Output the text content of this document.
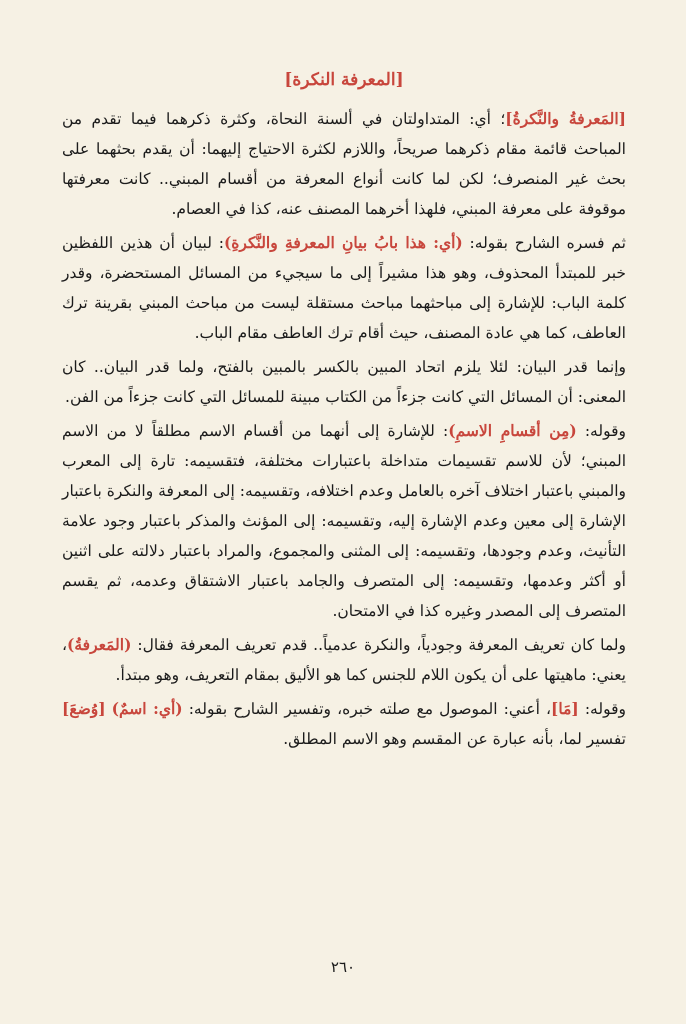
[المعرفة النكرة]

[المَعرفةُ والنَّكرةُ]؛ أي: المتداولتان في ألسنة النحاة، وكثرة ذكرهما فيما تقدم من المباحث قائمة مقام ذكرهما صريحاً، واللازم لكثرة الاحتياج إليهما: أن يقدم بحثهما على بحث غير المنصرف؛ لكن لما كانت أنواع المعرفة من أقسام المبني.. كانت معرفتها موقوفة على معرفة المبني، فلهذا أخرهما المصنف عنه، كذا في العصام.

ثم فسره الشارح بقوله: (أي: هذا بابُ بيانِ المعرفةِ والنَّكرةِ): لبيان أن هذين اللفظين خبر للمبتدأ المحذوف، وهو هذا مشيراً إلى ما سيجيء من المسائل المستحضرة، وقدر كلمة الباب: للإشارة إلى مباحثهما مباحث مستقلة ليست من مباحث المبني بقرينة ترك العاطف، كما هي عادة المصنف، حيث أقام ترك العاطف مقام الباب.

وإنما قدر البيان: لئلا يلزم اتحاد المبين بالكسر بالمبين بالفتح، ولما قدر البيان.. كان المعنى: أن المسائل التي كانت جزءاً من الكتاب مبينة للمسائل التي كانت جزءاً من الفن.

وقوله: (مِن أقسامِ الاسمِ): للإشارة إلى أنهما من أقسام الاسم مطلقاً لا من الاسم المبني؛ لأن للاسم تقسيمات متداخلة باعتبارات مختلفة، فتقسيمه: تارة إلى المعرب والمبني باعتبار اختلاف آخره بالعامل وعدم اختلافه، وتقسيمه: إلى المعرفة والنكرة باعتبار الإشارة إلى معين وعدم الإشارة إليه، وتقسيمه: إلى المؤنث والمذكر باعتبار وجود علامة التأنيث، وعدم وجودها، وتقسيمه: إلى المثنى والمجموع، والمراد باعتبار دلالته على اثنين أو أكثر وعدمها، وتقسيمه: إلى المتصرف والجامد باعتبار الاشتقاق وعدمه، ثم يقسم المتصرف إلى المصدر وغيره كذا في الامتحان.

ولما كان تعريف المعرفة وجودياً، والنكرة عدمياً.. قدم تعريف المعرفة فقال: (المَعرفةُ)، يعني: ماهيتها على أن يكون اللام للجنس كما هو الأليق بمقام التعريف، وهو مبتدأ.

وقوله: [مَا]، أعني: الموصول مع صلته خبره، وتفسير الشارح بقوله: (أي: اسمٌ) [وُضعَ] تفسير لما، بأنه عبارة عن المقسم وهو الاسم المطلق.

٢٦٠
